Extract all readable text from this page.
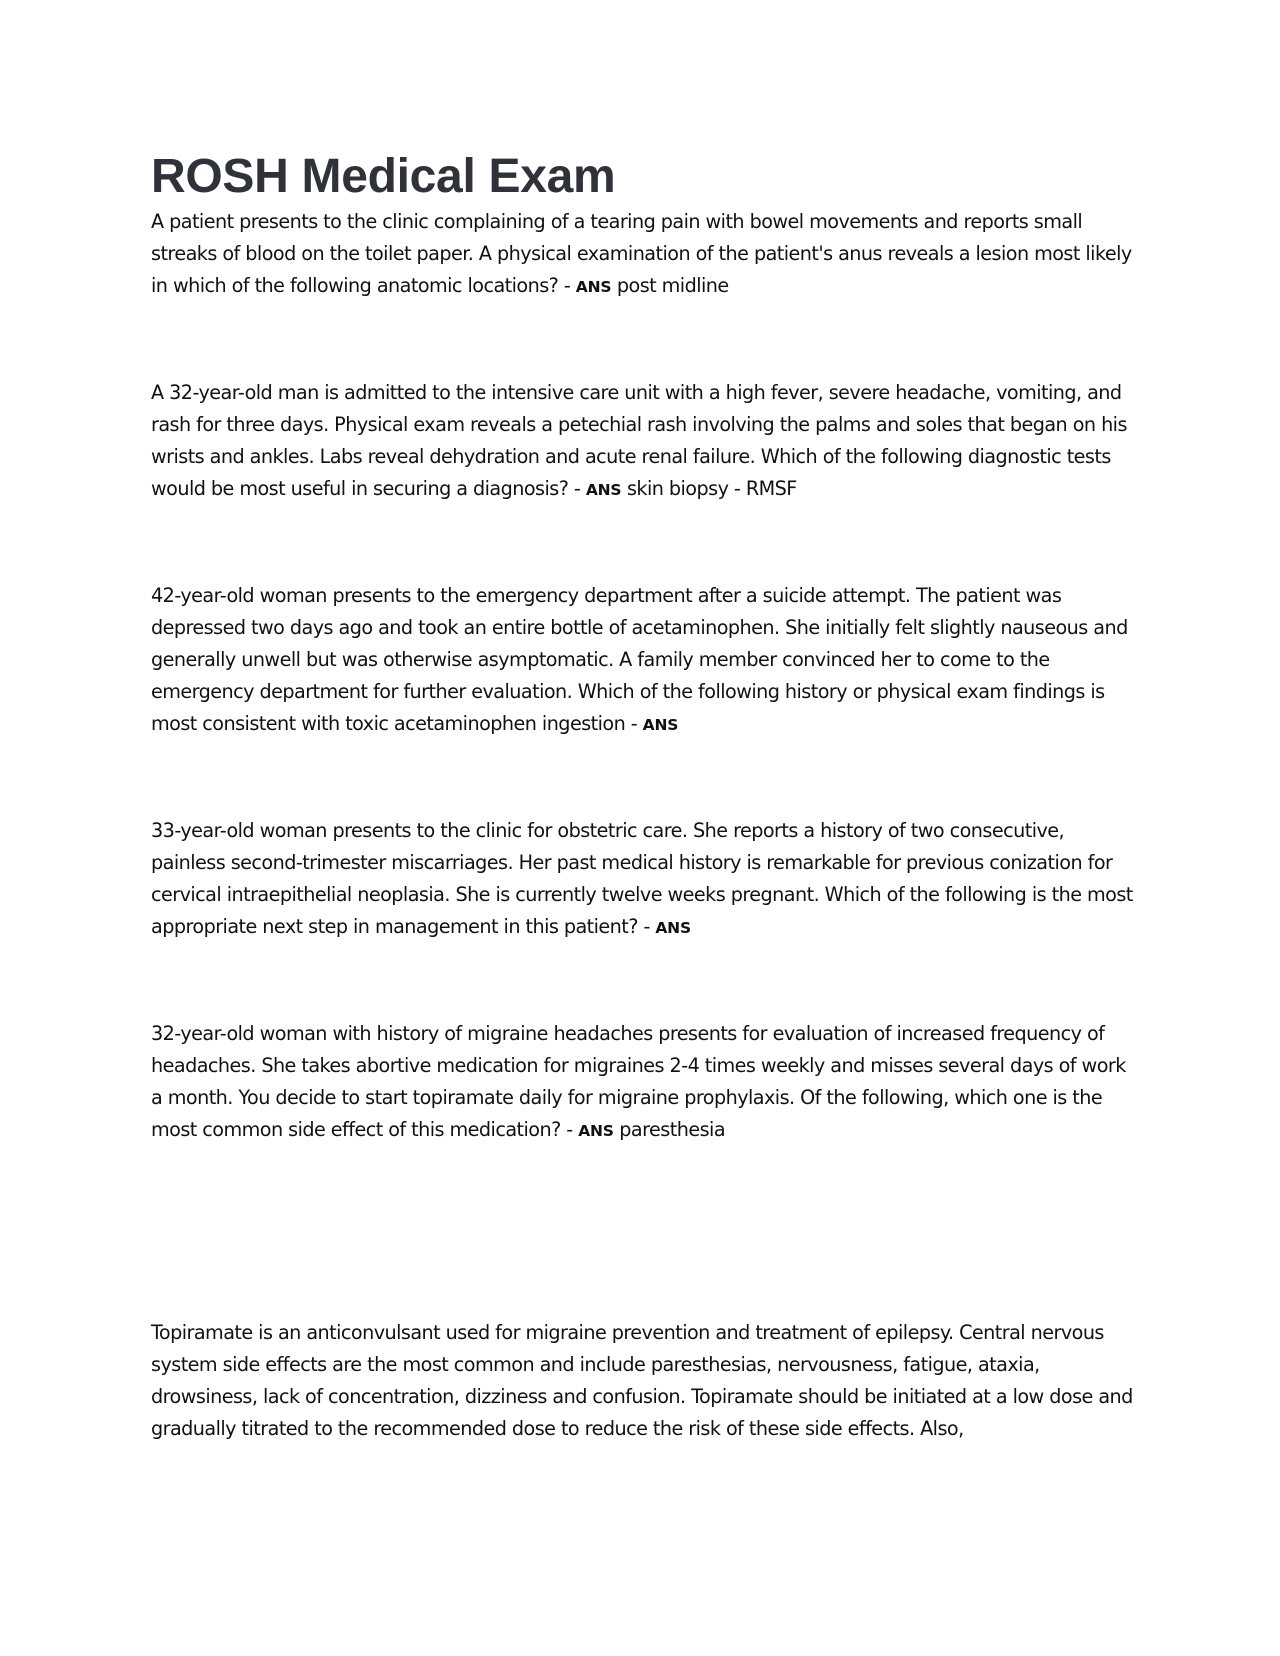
ROSH Medical Exam

A patient presents to the clinic complaining of a tearing pain with bowel movements and reports small streaks of blood on the toilet paper. A physical examination of the patient's anus reveals a lesion most likely in which of the following anatomic locations? - ANS post midline

A 32-year-old man is admitted to the intensive care unit with a high fever, severe headache, vomiting, and rash for three days. Physical exam reveals a petechial rash involving the palms and soles that began on his wrists and ankles. Labs reveal dehydration and acute renal failure. Which of the following diagnostic tests would be most useful in securing a diagnosis? - ANS skin biopsy - RMSF

42-year-old woman presents to the emergency department after a suicide attempt. The patient was depressed two days ago and took an entire bottle of acetaminophen. She initially felt slightly nauseous and generally unwell but was otherwise asymptomatic. A family member convinced her to come to the emergency department for further evaluation. Which of the following history or physical exam findings is most consistent with toxic acetaminophen ingestion - ANS

33-year-old woman presents to the clinic for obstetric care. She reports a history of two consecutive, painless second-trimester miscarriages. Her past medical history is remarkable for previous conization for cervical intraepithelial neoplasia. She is currently twelve weeks pregnant. Which of the following is the most appropriate next step in management in this patient? - ANS

32-year-old woman with history of migraine headaches presents for evaluation of increased frequency of headaches. She takes abortive medication for migraines 2-4 times weekly and misses several days of work a month. You decide to start topiramate daily for migraine prophylaxis. Of the following, which one is the most common side effect of this medication? - ANS paresthesia

Topiramate is an anticonvulsant used for migraine prevention and treatment of epilepsy. Central nervous system side effects are the most common and include paresthesias, nervousness, fatigue, ataxia, drowsiness, lack of concentration, dizziness and confusion. Topiramate should be initiated at a low dose and gradually titrated to the recommended dose to reduce the risk of these side effects. Also,
